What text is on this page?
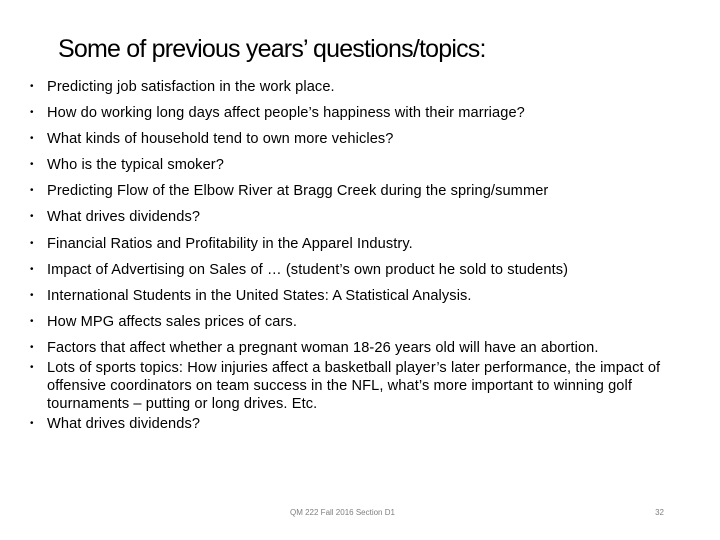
Some of previous years’ questions/topics:
• Predicting job satisfaction in the work place.
• How do working long days affect people’s happiness with their marriage?
• What kinds of household tend to own more vehicles?
• Who is the typical smoker?
• Predicting Flow of the Elbow River at Bragg Creek during the spring/summer
• What drives dividends?
• Financial Ratios and Profitability in the Apparel Industry.
• Impact of Advertising on Sales of … (student’s own product he sold to students)
• International Students in the United States: A Statistical Analysis.
• How MPG affects sales prices of cars.
• Factors that affect whether a pregnant woman 18-26 years old will have an abortion.
• Lots of sports topics: How injuries affect a basketball player’s later performance, the impact of offensive coordinators on team success in the NFL, what’s more important to winning golf tournaments – putting or long drives. Etc.
• What drives dividends?
QM 222 Fall 2016 Section D1	32
